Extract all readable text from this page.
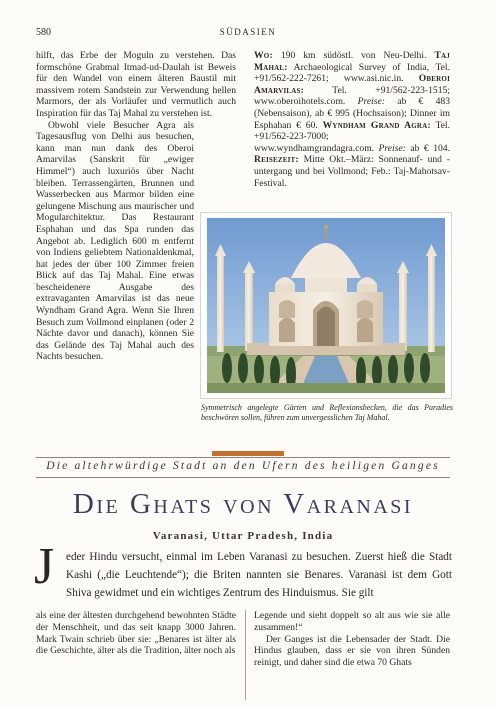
580	SÜDASIEN

hilft, das Erbe der Moguln zu verstehen. Das formschöne Grabmal Itmad-ud-Daulah ist Beweis für den Wandel von einem älteren Baustil mit massivem rotem Sandstein zur Verwendung hellen Marmors, der als Vorläufer und vermutlich auch Inspiration für das Taj Mahal zu verstehen ist.

Obwohl viele Besucher Agra als Tagesausflug von Delhi aus besuchen, kann man nun dank des Oberoi Amarvilas (Sanskrit für „ewiger Himmel“) auch luxuriös über Nacht bleiben. Terrassengärten, Brunnen und Wasserbecken aus Marmor bilden eine gelungene Mischung aus maurischer und Mogularchitektur. Das Restaurant Esphahan und das Spa runden das Angebot ab. Lediglich 600 m entfernt von Indiens geliebtem Nationaldenkmal, hat jedes der über 100 Zimmer freien Blick auf das Taj Mahal. Eine etwas bescheidenere Ausgabe des extravaganten Amarvilas ist das neue Wyndham Grand Agra. Wenn Sie Ihren Besuch zum Vollmond einplanen (oder 2 Nächte davor und danach), können Sie das Gelände des Taj Mahal auch des Nachts besuchen.

Wo: 190 km südöstl. von Neu-Delhi. Taj Mahal: Archaeological Survey of India, Tel. +91/562-222-7261; www.asi.nic.in. Oberoi Amarvilas: Tel. +91/562-223-1515; www.oberoihotels.com. Preise: ab € 483 (Nebensaison), ab € 995 (Hochsaison); Dinner im Esphahan € 60. Wyndham Grand Agra: Tel. +91/562-223-7000; www.wyndhamgrandagra.com. Preise: ab € 104. Reisezeit: Mitte Okt.–März: Sonnenauf- und -untergang und bei Vollmond; Feb.: Taj-Mahotsav-Festival.

Symmetrisch angelegte Gärten und Reflexionsbecken, die das Paradies beschwören sollen, führen zum unvergesslichen Taj Mahal.
Die altehrwürdige Stadt an den Ufern des heiligen Ganges
Die Ghats von Varanasi
Varanasi, Uttar Pradesh, India
J eder Hindu versucht, einmal im Leben Varanasi zu besuchen. Zuerst hieß die Stadt Kashi („die Leuchtende“); die Briten nannten sie Benares. Varanasi ist dem Gott Shiva gewidmet und ein wichtiges Zentrum des Hinduismus. Sie gilt

als eine der ältesten durchgehend bewohnten Städte der Menschheit, und das seit knapp 3000 Jahren. Mark Twain schrieb über sie: „Benares ist älter als die Geschichte, älter als die Tradition, älter noch als

Legende und sieht doppelt so alt aus wie sie alle zusammen!“

Der Ganges ist die Lebensader der Stadt. Die Hindus glauben, dass er sie von ihren Sünden reinigt, und daher sind die etwa 70 Ghats
